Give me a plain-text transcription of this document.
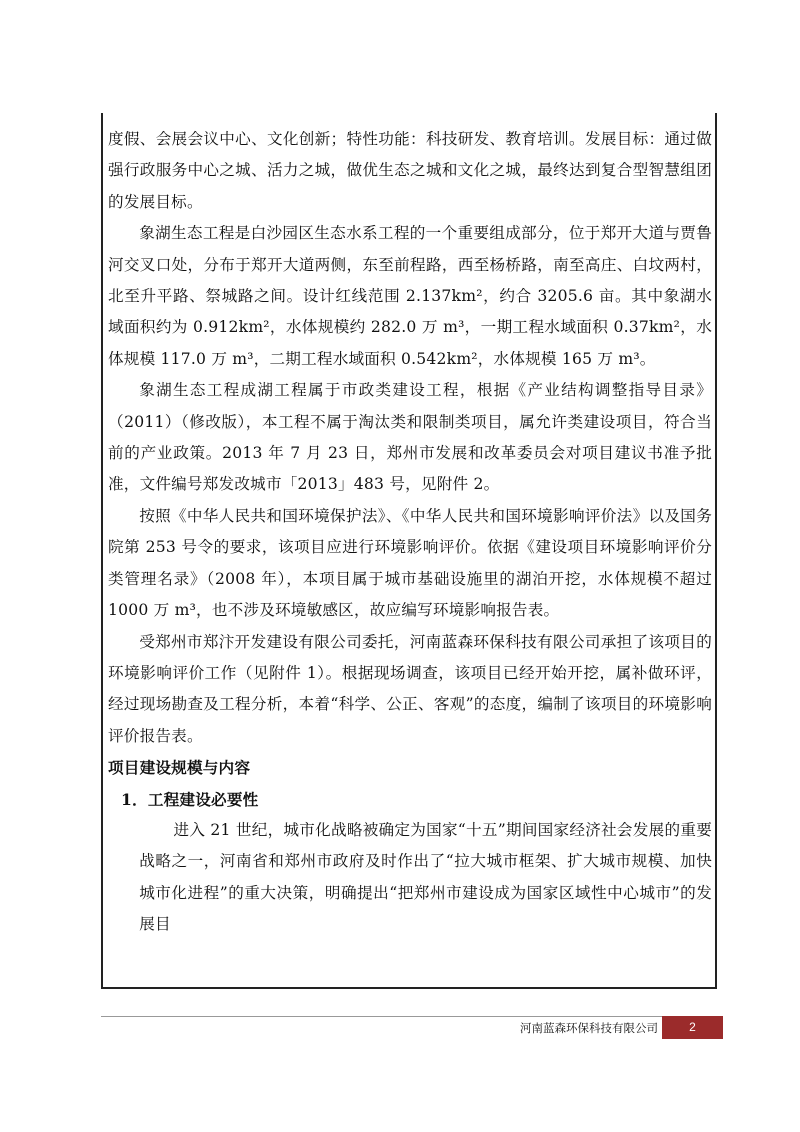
度假、会展会议中心、文化创新；特性功能：科技研发、教育培训。发展目标：通过做强行政服务中心之城、活力之城，做优生态之城和文化之城，最终达到复合型智慧组团的发展目标。

象湖生态工程是白沙园区生态水系工程的一个重要组成部分，位于郑开大道与贾鲁河交叉口处，分布于郑开大道两侧，东至前程路，西至杨桥路，南至高庄、白坟两村，北至升平路、祭城路之间。设计红线范围 2.137km²，约合 3205.6 亩。其中象湖水域面积约为 0.912km²，水体规模约 282.0 万 m³，一期工程水域面积 0.37km²，水体规模 117.0 万 m³，二期工程水域面积 0.542km²，水体规模 165 万 m³。

象湖生态工程成湖工程属于市政类建设工程，根据《产业结构调整指导目录》（2011）（修改版），本工程不属于淘汰类和限制类项目，属允许类建设项目，符合当前的产业政策。2013 年 7 月 23 日，郑州市发展和改革委员会对项目建议书准予批准，文件编号郑发改城市「2013」483 号，见附件 2。

按照《中华人民共和国环境保护法》、《中华人民共和国环境影响评价法》以及国务院第 253 号令的要求，该项目应进行环境影响评价。依据《建设项目环境影响评价分类管理名录》（2008 年），本项目属于城市基础设施里的湖泊开挖，水体规模不超过 1000 万 m³，也不涉及环境敏感区，故应编写环境影响报告表。

受郑州市郑汴开发建设有限公司委托，河南蓝森环保科技有限公司承担了该项目的环境影响评价工作（见附件 1）。根据现场调查，该项目已经开始开挖，属补做环评，经过现场勘查及工程分析，本着“科学、公正、客观”的态度，编制了该项目的环境影响评价报告表。

项目建设规模与内容

1．工程建设必要性

进入 21 世纪，城市化战略被确定为国家“十五”期间国家经济社会发展的重要战略之一，河南省和郑州市政府及时作出了“拉大城市框架、扩大城市规模、加快城市化进程”的重大决策，明确提出“把郑州市建设成为国家区域性中心城市”的发展目

河南蓝森环保科技有限公司	2
